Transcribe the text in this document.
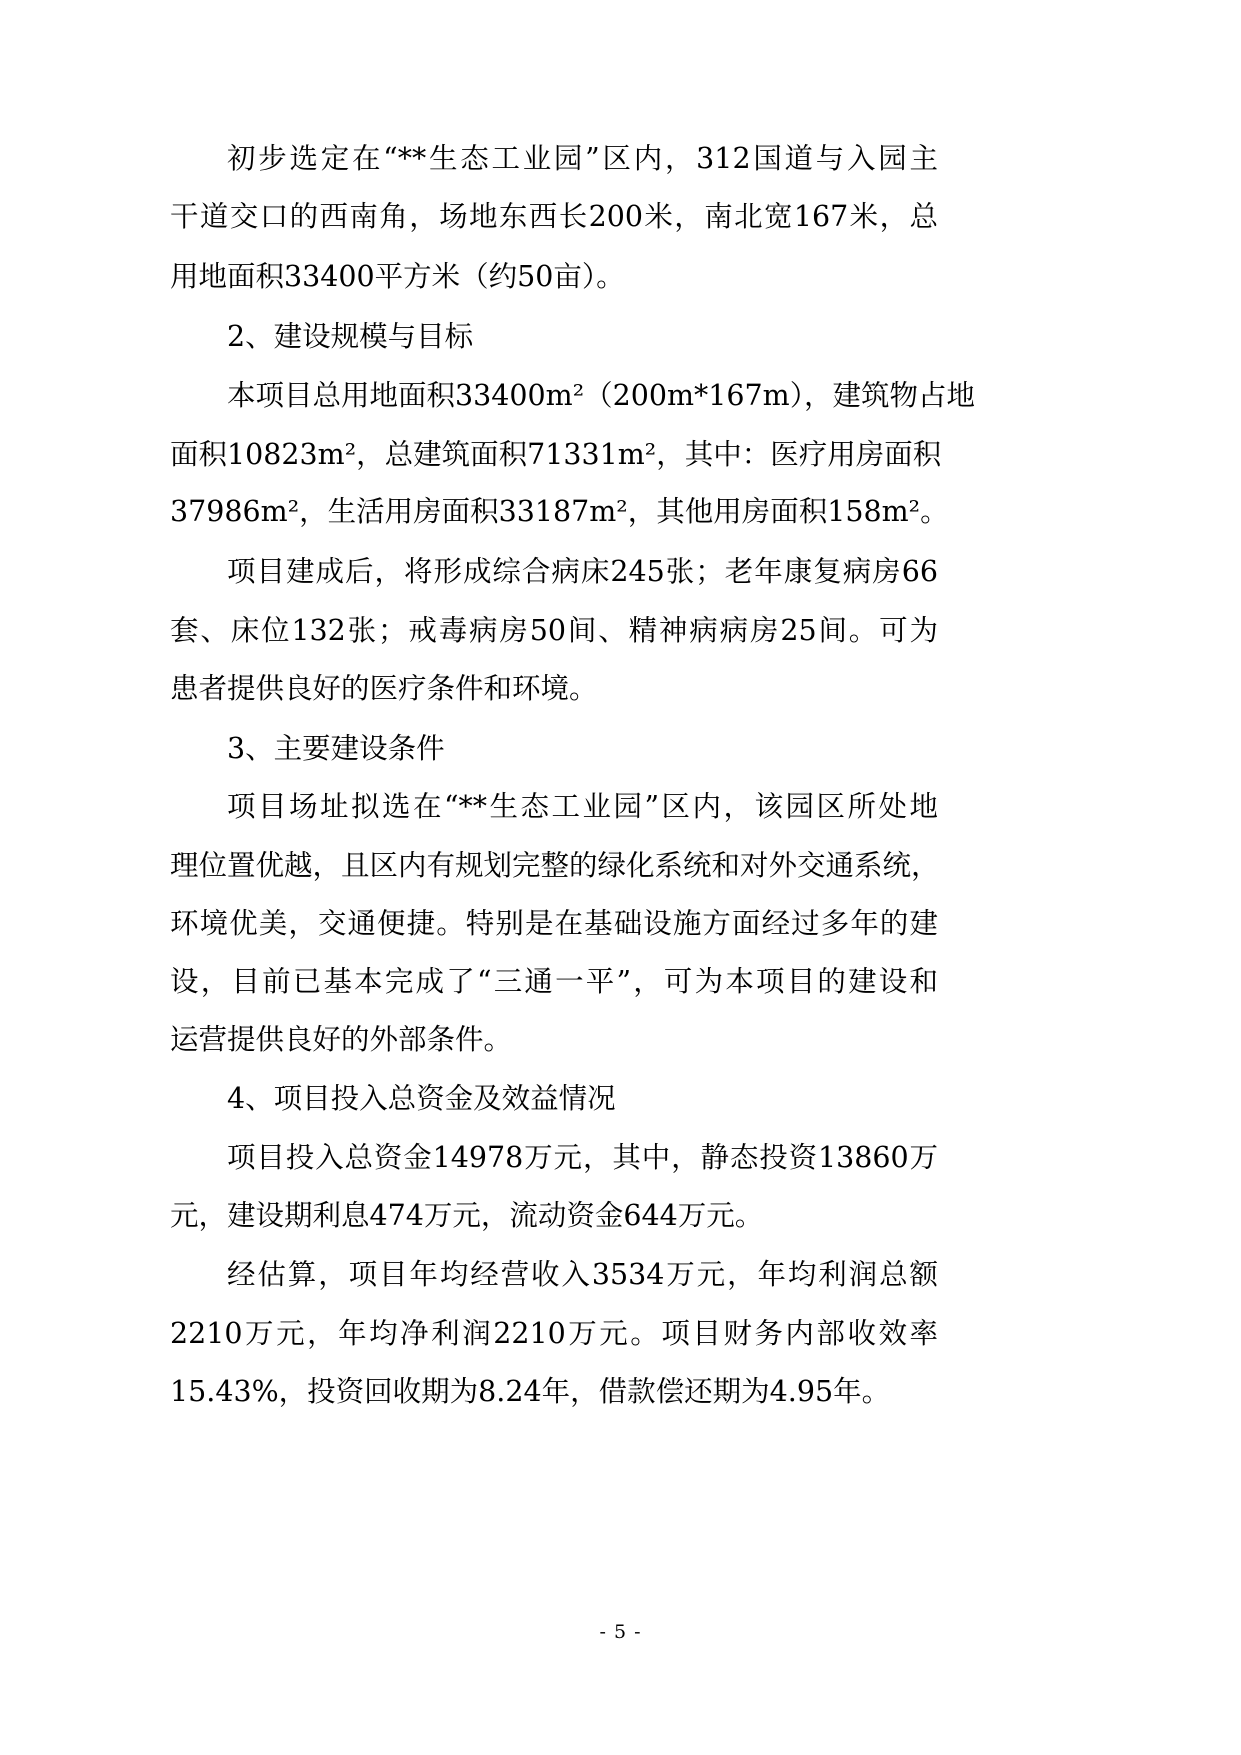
初步选定在“**生态工业园”区内，312国道与入园主
干道交口的西南角，场地东西长200米，南北宽167米，总
用地面积33400平方米（约50亩）。
2、建设规模与目标
本项目总用地面积33400m²（200m*167m），建筑物占地
面积10823m²，总建筑面积71331m²，其中：医疗用房面积
37986m²，生活用房面积33187m²，其他用房面积158m²。
项目建成后，将形成综合病床245张；老年康复病房66
套、床位132张；戒毒病房50间、精神病病房25间。可为
患者提供良好的医疗条件和环境。
3、主要建设条件
项目场址拟选在“**生态工业园”区内，该园区所处地
理位置优越，且区内有规划完整的绿化系统和对外交通系统，
环境优美，交通便捷。特别是在基础设施方面经过多年的建
设，目前已基本完成了“三通一平”，可为本项目的建设和
运营提供良好的外部条件。
4、项目投入总资金及效益情况
项目投入总资金14978万元，其中，静态投资13860万
元，建设期利息474万元，流动资金644万元。
经估算，项目年均经营收入3534万元，年均利润总额
2210万元，年均净利润2210万元。项目财务内部收效率
15.43%，投资回收期为8.24年，借款偿还期为4.95年。
- 5 -
